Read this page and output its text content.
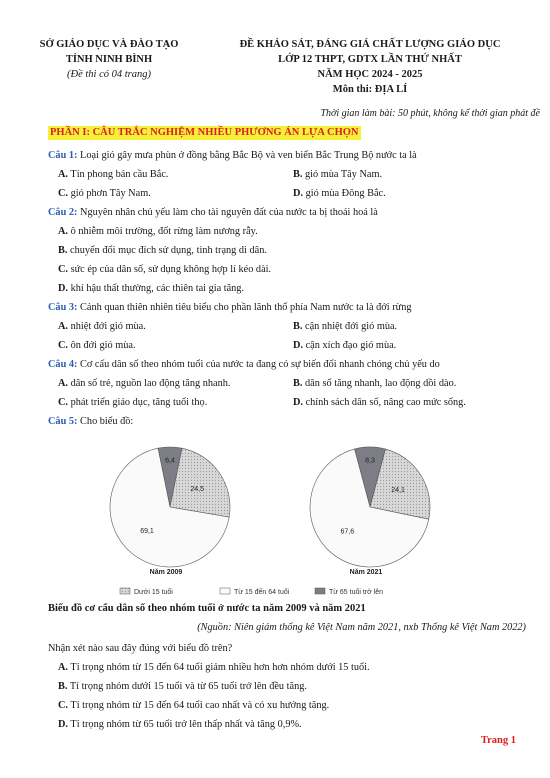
SỞ GIÁO DỤC VÀ ĐÀO TẠO
TỈNH NINH BÌNH
(Đề thi có 04 trang)
ĐỀ KHẢO SÁT, ĐÁNG GIÁ CHẤT LƯỢNG GIÁO DỤC
LỚP 12 THPT, GDTX LẦN THỨ NHẤT
NĂM HỌC 2024 - 2025
Môn thi: ĐỊA LÍ
Thời gian làm bài: 50 phút, không kể thời gian phát đề
PHẦN I: CÂU TRẮC NGHIỆM NHIỀU PHƯƠNG ÁN LỰA CHỌN
Câu 1: Loại gió gây mưa phùn ở đồng bằng Bắc Bộ và ven biển Bắc Trung Bộ nước ta là
A. Tín phong bán cầu Bắc.	B. gió mùa Tây Nam.
C. gió phơn Tây Nam.	D. gió mùa Đông Bắc.
Câu 2: Nguyên nhân chủ yếu làm cho tài nguyên đất của nước ta bị thoái hoá là
A. ô nhiễm môi trường, đốt rừng làm nương rẫy.
B. chuyển đổi mục đích sử dụng, tình trạng di dân.
C. sức ép của dân số, sử dụng không hợp lí kéo dài.
D. khí hậu thất thường, các thiên tai gia tăng.
Câu 3: Cảnh quan thiên nhiên tiêu biểu cho phần lãnh thổ phía Nam nước ta là đới rừng
A. nhiệt đới gió mùa.	B. cận nhiệt đới gió mùa.
C. ôn đới gió mùa.	D. cận xích đạo gió mùa.
Câu 4: Cơ cấu dân số theo nhóm tuổi của nước ta đang có sự biến đổi nhanh chóng chủ yếu do
A. dân số trẻ, nguồn lao động tăng nhanh.	B. dân số tăng nhanh, lao động dồi dào.
C. phát triển giáo dục, tăng tuổi thọ.	D. chính sách dân số, nâng cao mức sống.
Câu 5: Cho biểu đồ:
6,4
24,5
69,1
Năm 2009
8,3
24,1
67,6
Năm 2021
Dưới 15 tuổi	Từ 15 đến 64 tuổi	Từ 65 tuổi trở lên
Biểu đồ cơ cấu dân số theo nhóm tuổi ở nước ta năm 2009 và năm 2021
(Nguồn: Niên giám thống kê Việt Nam năm 2021, nxb Thống kê Việt Nam 2022)
Nhận xét nào sau đây đúng với biểu đồ trên?
A. Tỉ trọng nhóm từ 15 đến 64 tuổi giảm nhiều hơn hơn nhóm dưới 15 tuổi.
B. Tỉ trọng nhóm dưới 15 tuổi và từ 65 tuổi trở lên đều tăng.
C. Tỉ trọng nhóm từ 15 đến 64 tuổi cao nhất và có xu hướng tăng.
D. Tỉ trọng nhóm từ 65 tuổi trở lên thấp nhất và tăng 0,9%.
Trang 1
